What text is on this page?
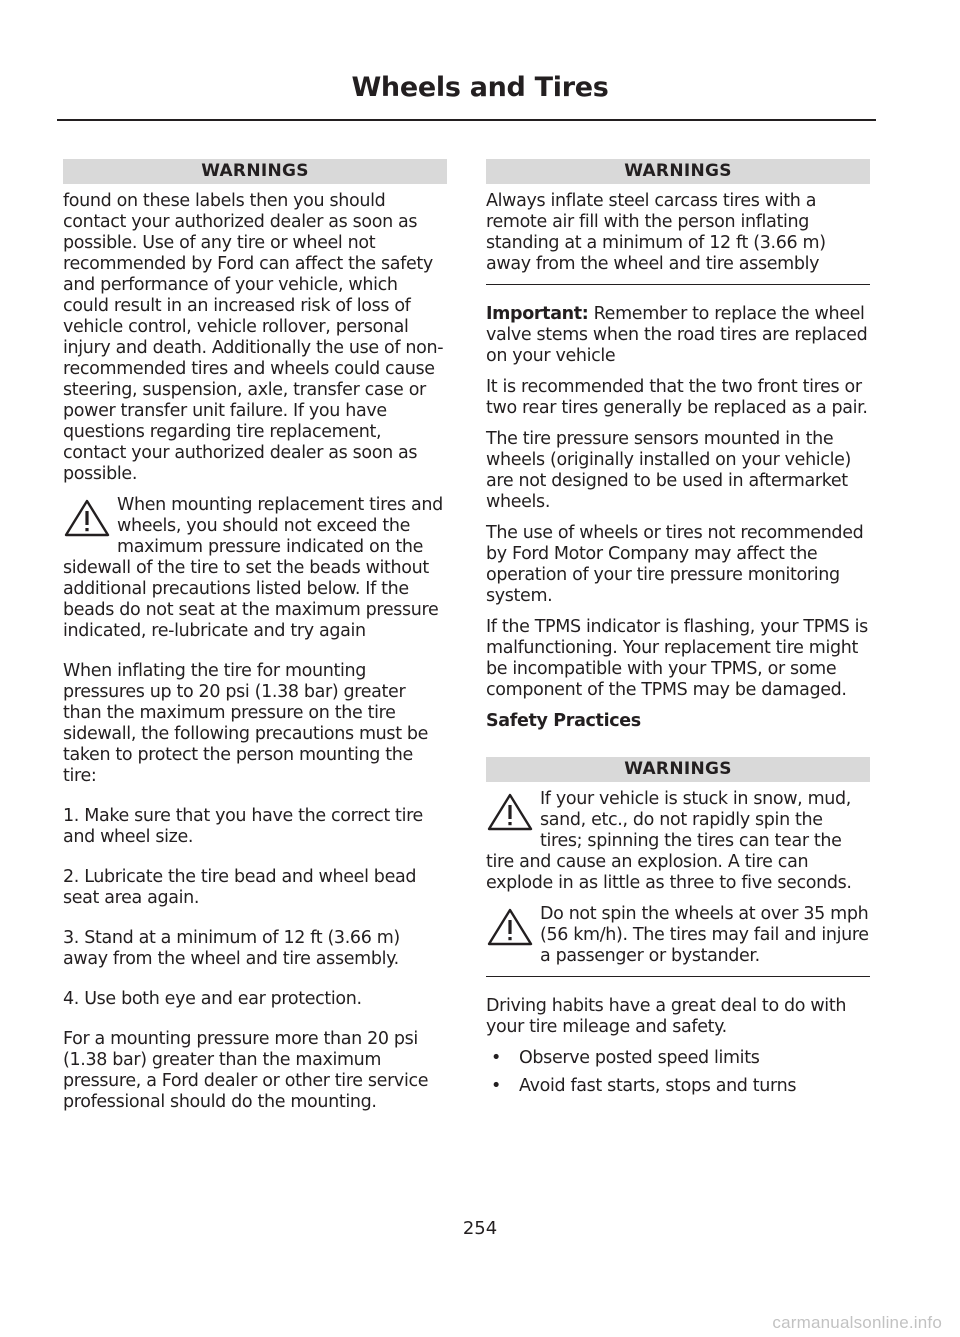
Wheels and Tires
WARNINGS

found on these labels then you should contact your authorized dealer as soon as possible. Use of any tire or wheel not recommended by Ford can affect the safety and performance of your vehicle, which could result in an increased risk of loss of vehicle control, vehicle rollover, personal injury and death. Additionally the use of non-recommended tires and wheels could cause steering, suspension, axle, transfer case or power transfer unit failure. If you have questions regarding tire replacement, contact your authorized dealer as soon as possible.

When mounting replacement tires and wheels, you should not exceed the maximum pressure indicated on the sidewall of the tire to set the beads without additional precautions listed below. If the beads do not seat at the maximum pressure indicated, re-lubricate and try again

When inflating the tire for mounting pressures up to 20 psi (1.38 bar) greater than the maximum pressure on the tire sidewall, the following precautions must be taken to protect the person mounting the tire:

1. Make sure that you have the correct tire and wheel size.

2. Lubricate the tire bead and wheel bead seat area again.

3. Stand at a minimum of 12 ft (3.66 m) away from the wheel and tire assembly.

4. Use both eye and ear protection.

For a mounting pressure more than 20 psi (1.38 bar) greater than the maximum pressure, a Ford dealer or other tire service professional should do the mounting.

WARNINGS

Always inflate steel carcass tires with a remote air fill with the person inflating standing at a minimum of 12 ft (3.66 m) away from the wheel and tire assembly

Important: Remember to replace the wheel valve stems when the road tires are replaced on your vehicle

It is recommended that the two front tires or two rear tires generally be replaced as a pair.

The tire pressure sensors mounted in the wheels (originally installed on your vehicle) are not designed to be used in aftermarket wheels.

The use of wheels or tires not recommended by Ford Motor Company may affect the operation of your tire pressure monitoring system.

If the TPMS indicator is flashing, your TPMS is malfunctioning. Your replacement tire might be incompatible with your TPMS, or some component of the TPMS may be damaged.

Safety Practices
WARNINGS
If your vehicle is stuck in snow, mud, sand, etc., do not rapidly spin the tires; spinning the tires can tear the tire and cause an explosion. A tire can explode in as little as three to five seconds.
Do not spin the wheels at over 35 mph (56 km/h). The tires may fail and injure a passenger or bystander.

Driving habits have a great deal to do with your tire mileage and safety.

• Observe posted speed limits
• Avoid fast starts, stops and turns
254
carmanualsonline.info
